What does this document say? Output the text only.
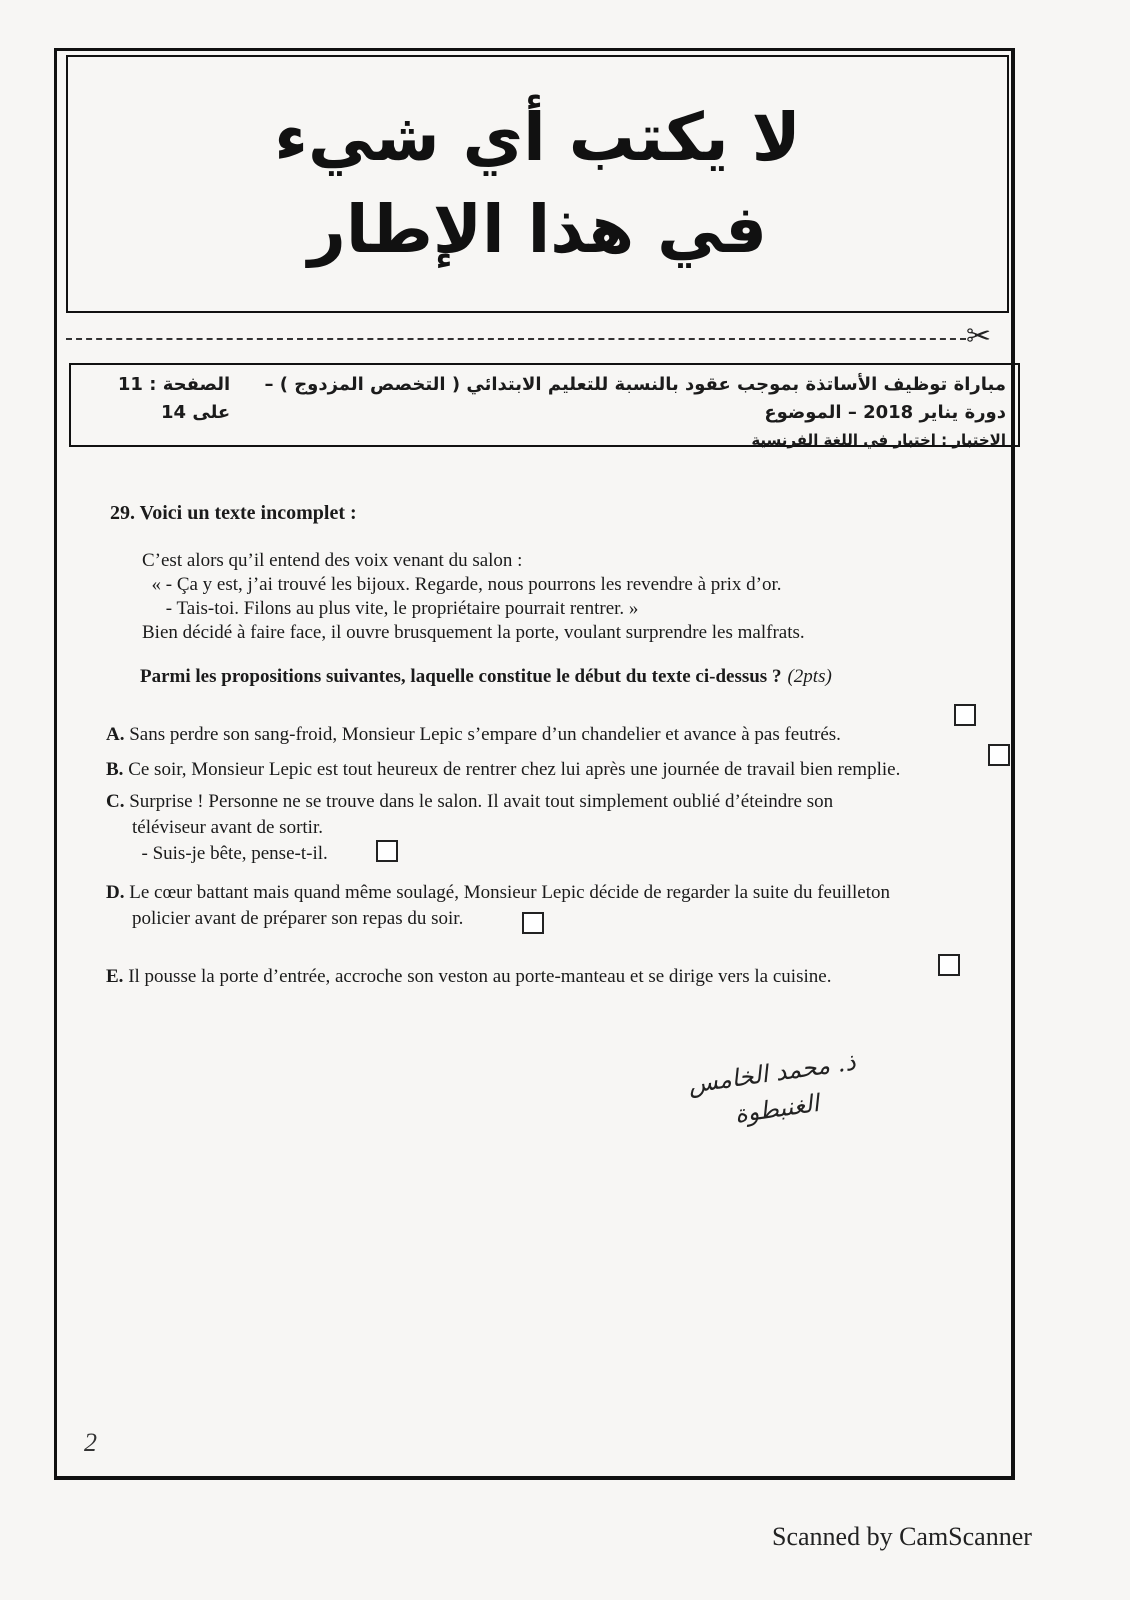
لا يكتب أي شيء
في هذا الإطار
✂
مباراة توظيف الأساتذة بموجب عقود بالنسبة للتعليم الابتدائي ( التخصص المزدوج ) – دورة يناير 2018 – الموضوع
الصفحة : 11 على 14
الاختبار : اختبار في اللغة الفرنسية
29. Voici un texte incomplet :
C’est alors qu’il entend des voix venant du salon :
« - Ça y est, j’ai trouvé les bijoux. Regarde, nous pourrons les revendre à prix d’or.
- Tais-toi. Filons au plus vite, le propriétaire pourrait rentrer. »
Bien décidé à faire face, il ouvre brusquement la porte, voulant surprendre les malfrats.
Parmi les propositions suivantes, laquelle constitue le début du texte ci-dessus ? (2pts)
A. Sans perdre son sang-froid, Monsieur Lepic s’empare d’un chandelier et avance à pas feutrés.
B. Ce soir, Monsieur Lepic est tout heureux de rentrer chez lui après une journée de travail bien remplie.
C. Surprise ! Personne ne se trouve dans le salon. Il avait tout simplement oublié d’éteindre son
téléviseur avant de sortir.
- Suis-je bête, pense-t-il.
D. Le cœur battant mais quand même soulagé, Monsieur Lepic décide de regarder la suite du feuilleton
policier avant de préparer son repas du soir.
E. Il pousse la porte d’entrée, accroche son veston au porte-manteau et se dirige vers la cuisine.
ذ. محمد الخامس
الغنبطوة
2
Scanned by CamScanner
